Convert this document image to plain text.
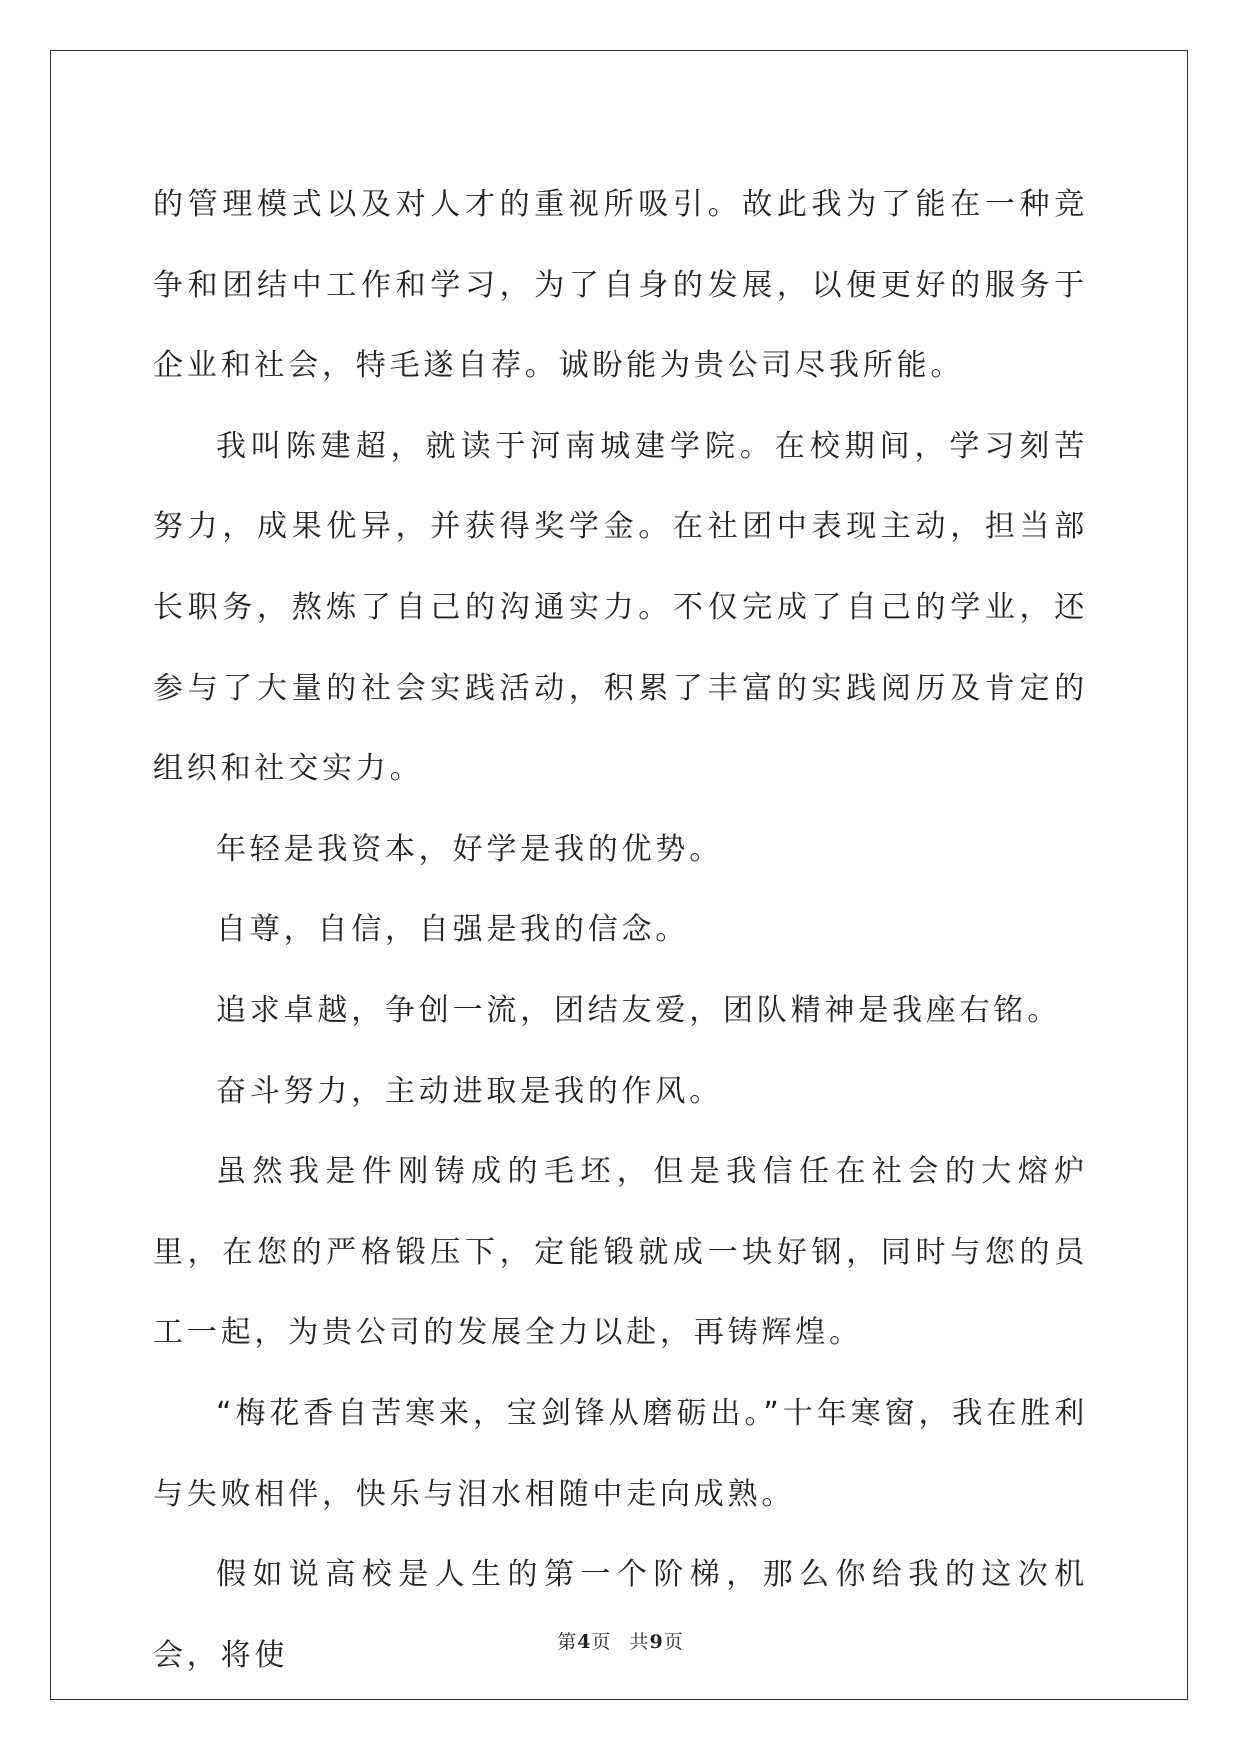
的管理模式以及对人才的重视所吸引。故此我为了能在一种竞争和团结中工作和学习，为了自身的发展，以便更好的服务于企业和社会，特毛遂自荐。诚盼能为贵公司尽我所能。

我叫陈建超，就读于河南城建学院。在校期间，学习刻苦努力，成果优异，并获得奖学金。在社团中表现主动，担当部长职务，熬炼了自己的沟通实力。不仅完成了自己的学业，还参与了大量的社会实践活动，积累了丰富的实践阅历及肯定的组织和社交实力。

年轻是我资本，好学是我的优势。

自尊，自信，自强是我的信念。

追求卓越，争创一流，团结友爱，团队精神是我座右铭。

奋斗努力，主动进取是我的作风。

虽然我是件刚铸成的毛坯，但是我信任在社会的大熔炉里，在您的严格锻压下，定能锻就成一块好钢，同时与您的员工一起，为贵公司的发展全力以赴，再铸辉煌。

“梅花香自苦寒来，宝剑锋从磨砺出。”十年寒窗，我在胜利与失败相伴，快乐与泪水相随中走向成熟。

假如说高校是人生的第一个阶梯，那么你给我的这次机会，将使	第4页 共9页
